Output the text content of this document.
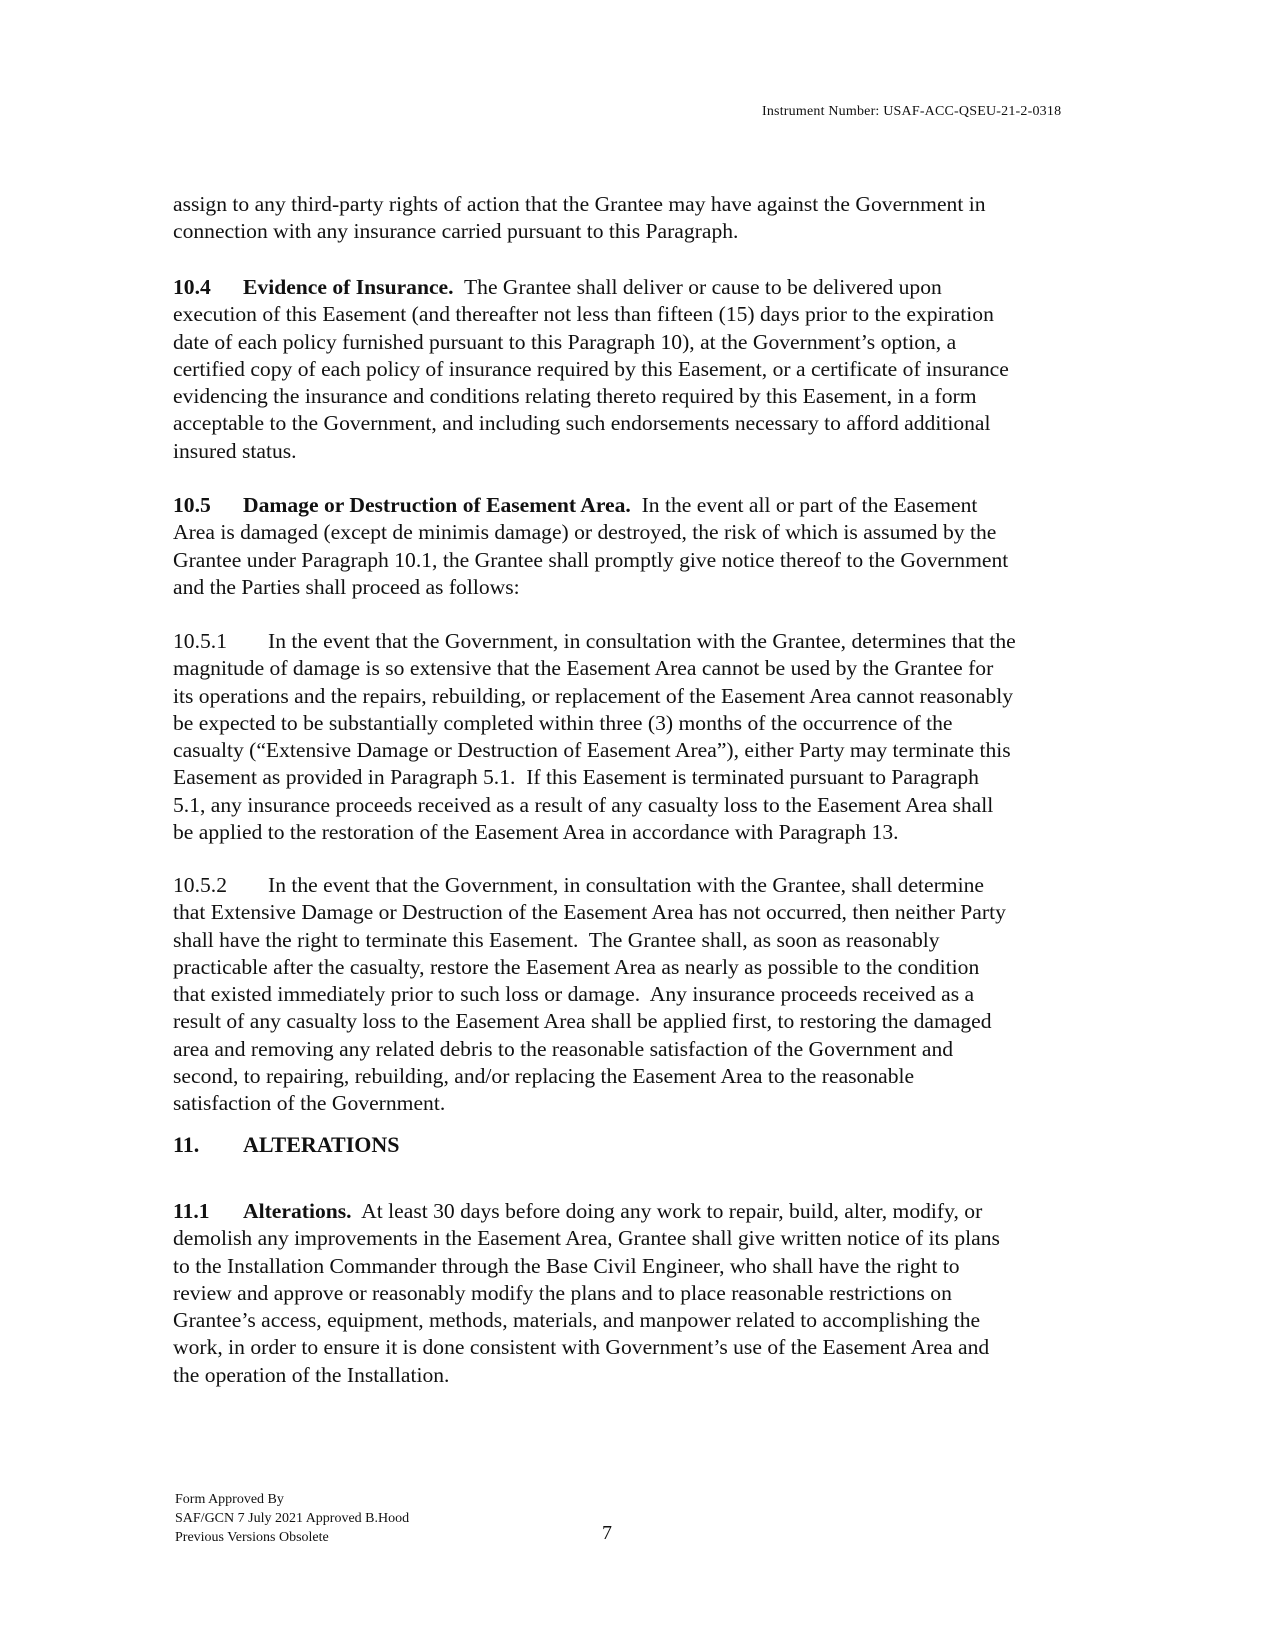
Instrument Number: USAF-ACC-QSEU-21-2-0318
assign to any third-party rights of action that the Grantee may have against the Government in
connection with any insurance carried pursuant to this Paragraph.
10.4 Evidence of Insurance.  The Grantee shall deliver or cause to be delivered upon
execution of this Easement (and thereafter not less than fifteen (15) days prior to the expiration
date of each policy furnished pursuant to this Paragraph 10), at the Government’s option, a
certified copy of each policy of insurance required by this Easement, or a certificate of insurance
evidencing the insurance and conditions relating thereto required by this Easement, in a form
acceptable to the Government, and including such endorsements necessary to afford additional
insured status.
10.5 Damage or Destruction of Easement Area.  In the event all or part of the Easement
Area is damaged (except de minimis damage) or destroyed, the risk of which is assumed by the
Grantee under Paragraph 10.1, the Grantee shall promptly give notice thereof to the Government
and the Parties shall proceed as follows:
10.5.1 In the event that the Government, in consultation with the Grantee, determines that the
magnitude of damage is so extensive that the Easement Area cannot be used by the Grantee for
its operations and the repairs, rebuilding, or replacement of the Easement Area cannot reasonably
be expected to be substantially completed within three (3) months of the occurrence of the
casualty (“Extensive Damage or Destruction of Easement Area”), either Party may terminate this
Easement as provided in Paragraph 5.1.  If this Easement is terminated pursuant to Paragraph
5.1, any insurance proceeds received as a result of any casualty loss to the Easement Area shall
be applied to the restoration of the Easement Area in accordance with Paragraph 13.
10.5.2 In the event that the Government, in consultation with the Grantee, shall determine
that Extensive Damage or Destruction of the Easement Area has not occurred, then neither Party
shall have the right to terminate this Easement.  The Grantee shall, as soon as reasonably
practicable after the casualty, restore the Easement Area as nearly as possible to the condition
that existed immediately prior to such loss or damage.  Any insurance proceeds received as a
result of any casualty loss to the Easement Area shall be applied first, to restoring the damaged
area and removing any related debris to the reasonable satisfaction of the Government and
second, to repairing, rebuilding, and/or replacing the Easement Area to the reasonable
satisfaction of the Government.
11. ALTERATIONS
11.1 Alterations.  At least 30 days before doing any work to repair, build, alter, modify, or
demolish any improvements in the Easement Area, Grantee shall give written notice of its plans
to the Installation Commander through the Base Civil Engineer, who shall have the right to
review and approve or reasonably modify the plans and to place reasonable restrictions on
Grantee’s access, equipment, methods, materials, and manpower related to accomplishing the
work, in order to ensure it is done consistent with Government’s use of the Easement Area and
the operation of the Installation.
Form Approved By
SAF/GCN 7 July 2021 Approved B.Hood
Previous Versions Obsolete	7
